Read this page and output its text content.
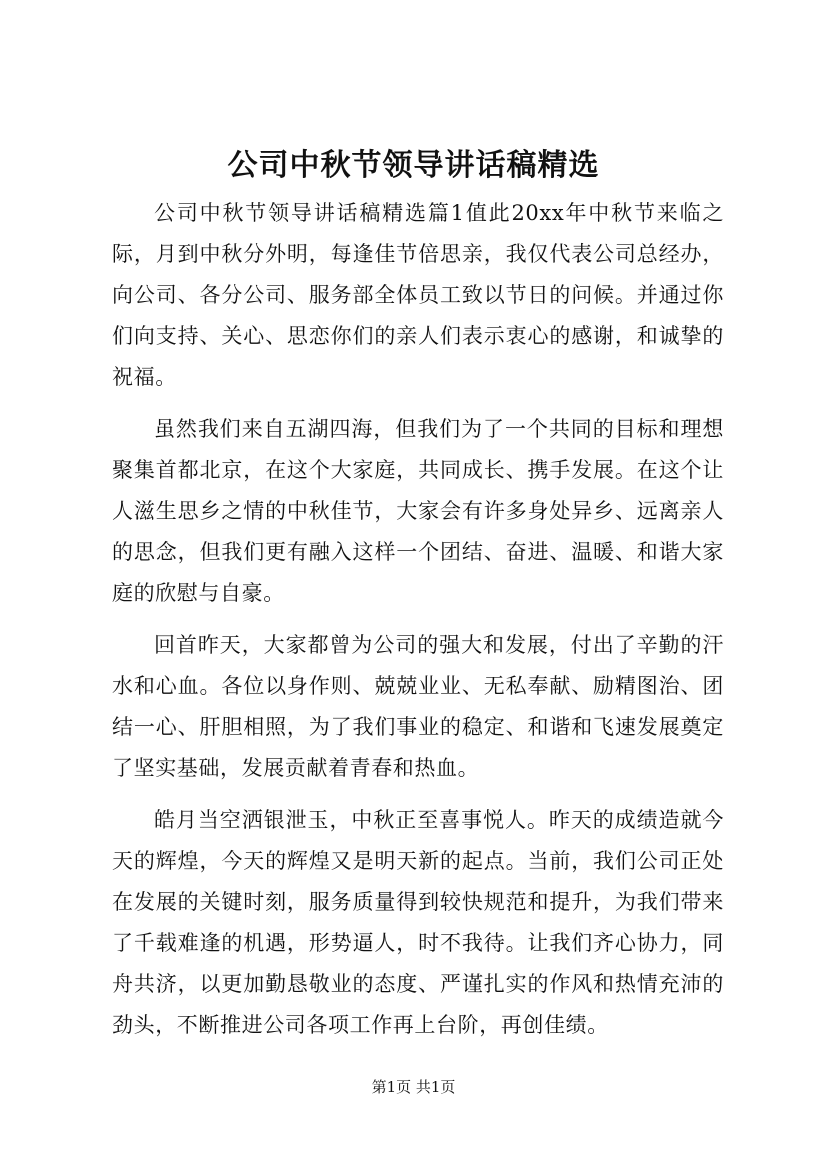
公司中秋节领导讲话稿精选

公司中秋节领导讲话稿精选篇1值此20xx年中秋节来临之际，月到中秋分外明，每逢佳节倍思亲，我仅代表公司总经办，向公司、各分公司、服务部全体员工致以节日的问候。并通过你们向支持、关心、思恋你们的亲人们表示衷心的感谢，和诚挚的祝福。

虽然我们来自五湖四海，但我们为了一个共同的目标和理想聚集首都北京，在这个大家庭，共同成长、携手发展。在这个让人滋生思乡之情的中秋佳节，大家会有许多身处异乡、远离亲人的思念，但我们更有融入这样一个团结、奋进、温暖、和谐大家庭的欣慰与自豪。

回首昨天，大家都曾为公司的强大和发展，付出了辛勤的汗水和心血。各位以身作则、兢兢业业、无私奉献、励精图治、团结一心、肝胆相照，为了我们事业的稳定、和谐和飞速发展奠定了坚实基础，发展贡献着青春和热血。

皓月当空洒银泄玉，中秋正至喜事悦人。昨天的成绩造就今天的辉煌，今天的辉煌又是明天新的起点。当前，我们公司正处在发展的关键时刻，服务质量得到较快规范和提升，为我们带来了千载难逢的机遇，形势逼人，时不我待。让我们齐心协力，同舟共济，以更加勤恳敬业的态度、严谨扎实的作风和热情充沛的劲头，不断推进公司各项工作再上台阶，再创佳绩。

第1页 共1页
